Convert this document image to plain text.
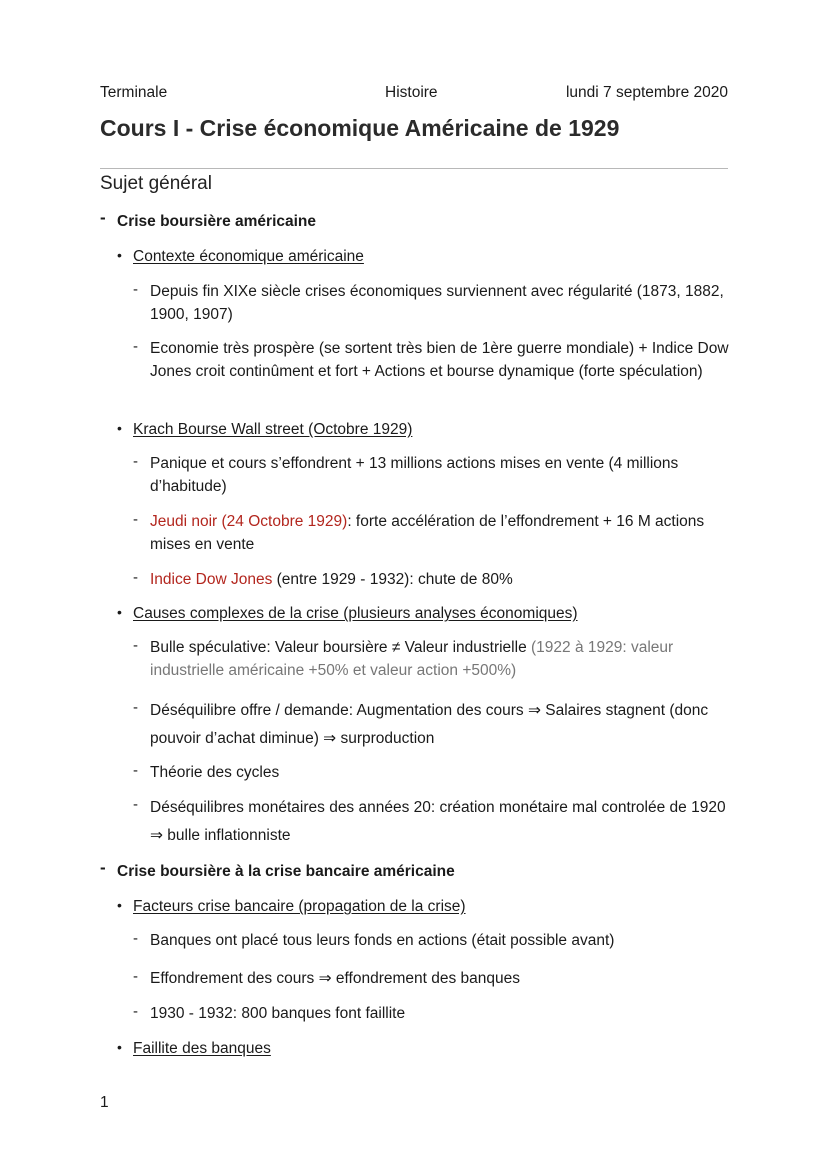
Terminale	Histoire	lundi 7 septembre 2020
Cours I - Crise économique Américaine de 1929
Sujet général
- Crise boursière américaine
• Contexte économique américaine
- Depuis fin XIXe siècle crises économiques surviennent avec régularité (1873, 1882, 1900, 1907)
- Economie très prospère (se sortent très bien de 1ère guerre mondiale) + Indice Dow Jones croit continûment et fort + Actions et bourse dynamique (forte spéculation)
• Krach Bourse Wall street (Octobre 1929)
- Panique et cours s’effondrent + 13 millions actions mises en vente (4 millions d’habitude)
- Jeudi noir (24 Octobre 1929): forte accélération de l’effondrement + 16 M actions mises en vente
- Indice Dow Jones (entre 1929 - 1932): chute de 80%
• Causes complexes de la crise (plusieurs analyses économiques)
- Bulle spéculative: Valeur boursière ≠ Valeur industrielle (1922 à 1929: valeur industrielle américaine +50% et valeur action +500%)
- Déséquilibre offre / demande: Augmentation des cours ⇒ Salaires stagnent (donc pouvoir d’achat diminue) ⇒ surproduction
- Théorie des cycles
- Déséquilibres monétaires des années 20: création monétaire mal controlée de 1920 ⇒ bulle inflationniste
- Crise boursière à la crise bancaire américaine
• Facteurs crise bancaire (propagation de la crise)
- Banques ont placé tous leurs fonds en actions (était possible avant)
- Effondrement des cours ⇒ effondrement des banques
- 1930 - 1932: 800 banques font faillite
• Faillite des banques
1
